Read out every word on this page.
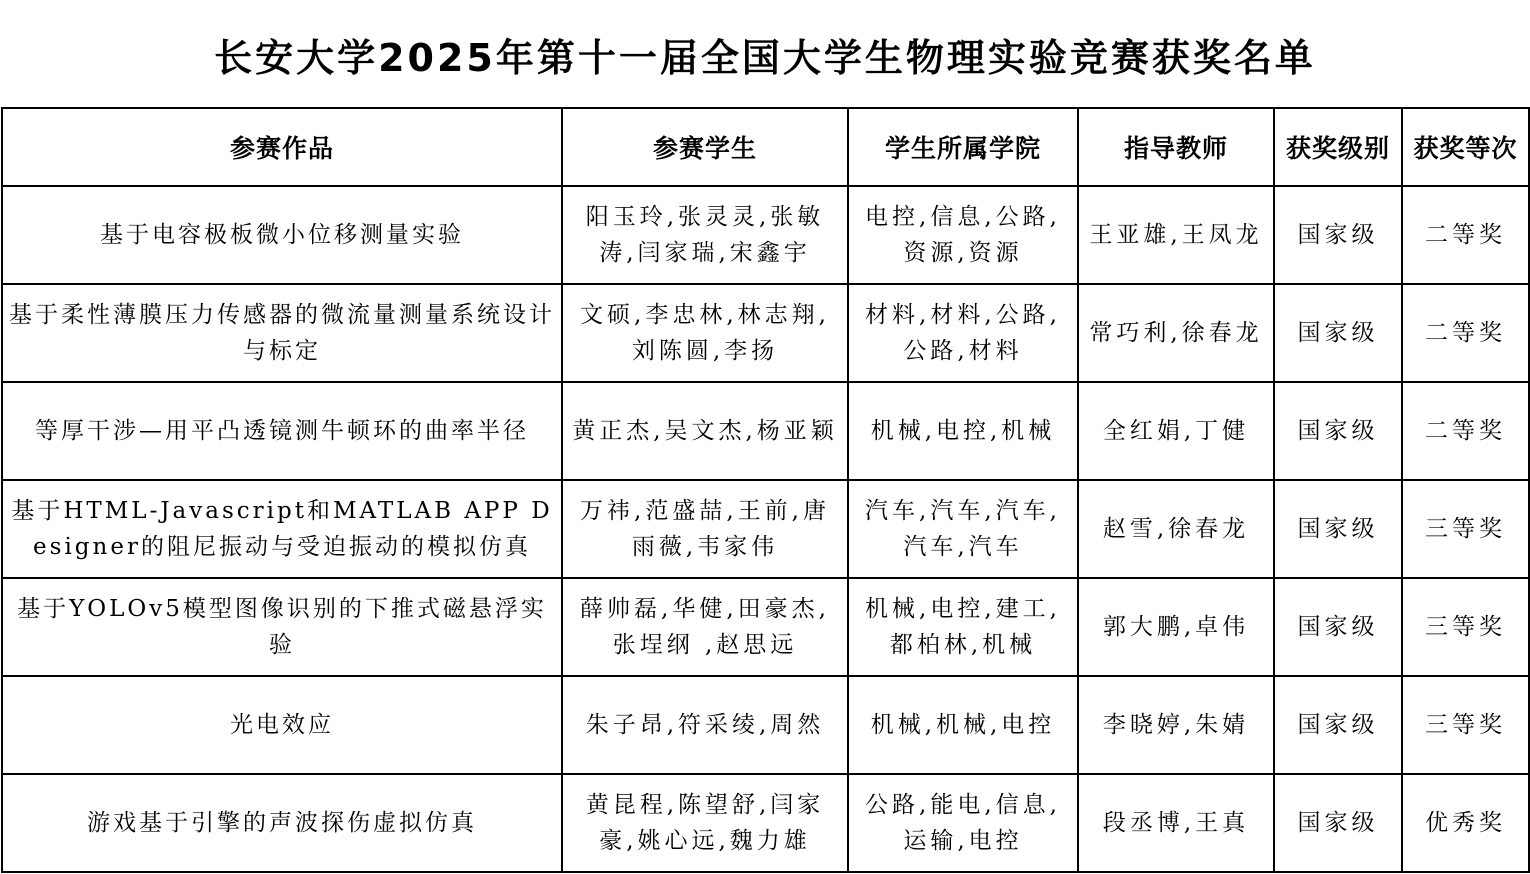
长安大学2025年第十一届全国大学生物理实验竞赛获奖名单
参赛作品	参赛学生	学生所属学院	指导教师	获奖级别	获奖等次
基于电容极板微小位移测量实验	阳玉玲,张灵灵,张敏涛,闫家瑞,宋鑫宇	电控,信息,公路,资源,资源	王亚雄,王凤龙	国家级	二等奖
基于柔性薄膜压力传感器的微流量测量系统设计与标定	文硕,李忠林,林志翔,刘陈圆,李扬	材料,材料,公路,公路,材料	常巧利,徐春龙	国家级	二等奖
等厚干涉—用平凸透镜测牛顿环的曲率半径	黄正杰,吴文杰,杨亚颖	机械,电控,机械	全红娟,丁健	国家级	二等奖
基于HTML-Javascript和MATLAB APP Designer的阻尼振动与受迫振动的模拟仿真	万祎,范盛喆,王前,唐雨薇,韦家伟	汽车,汽车,汽车,汽车,汽车	赵雪,徐春龙	国家级	三等奖
基于YOLOv5模型图像识别的下推式磁悬浮实验	薛帅磊,华健,田豪杰,张埕纲 ,赵思远	机械,电控,建工,都柏林,机械	郭大鹏,卓伟	国家级	三等奖
光电效应	朱子昂,符采绫,周然	机械,机械,电控	李晓婷,朱婧	国家级	三等奖
游戏基于引擎的声波探伤虚拟仿真	黄昆程,陈望舒,闫家豪,姚心远,魏力雄	公路,能电,信息,运输,电控	段丞博,王真	国家级	优秀奖
